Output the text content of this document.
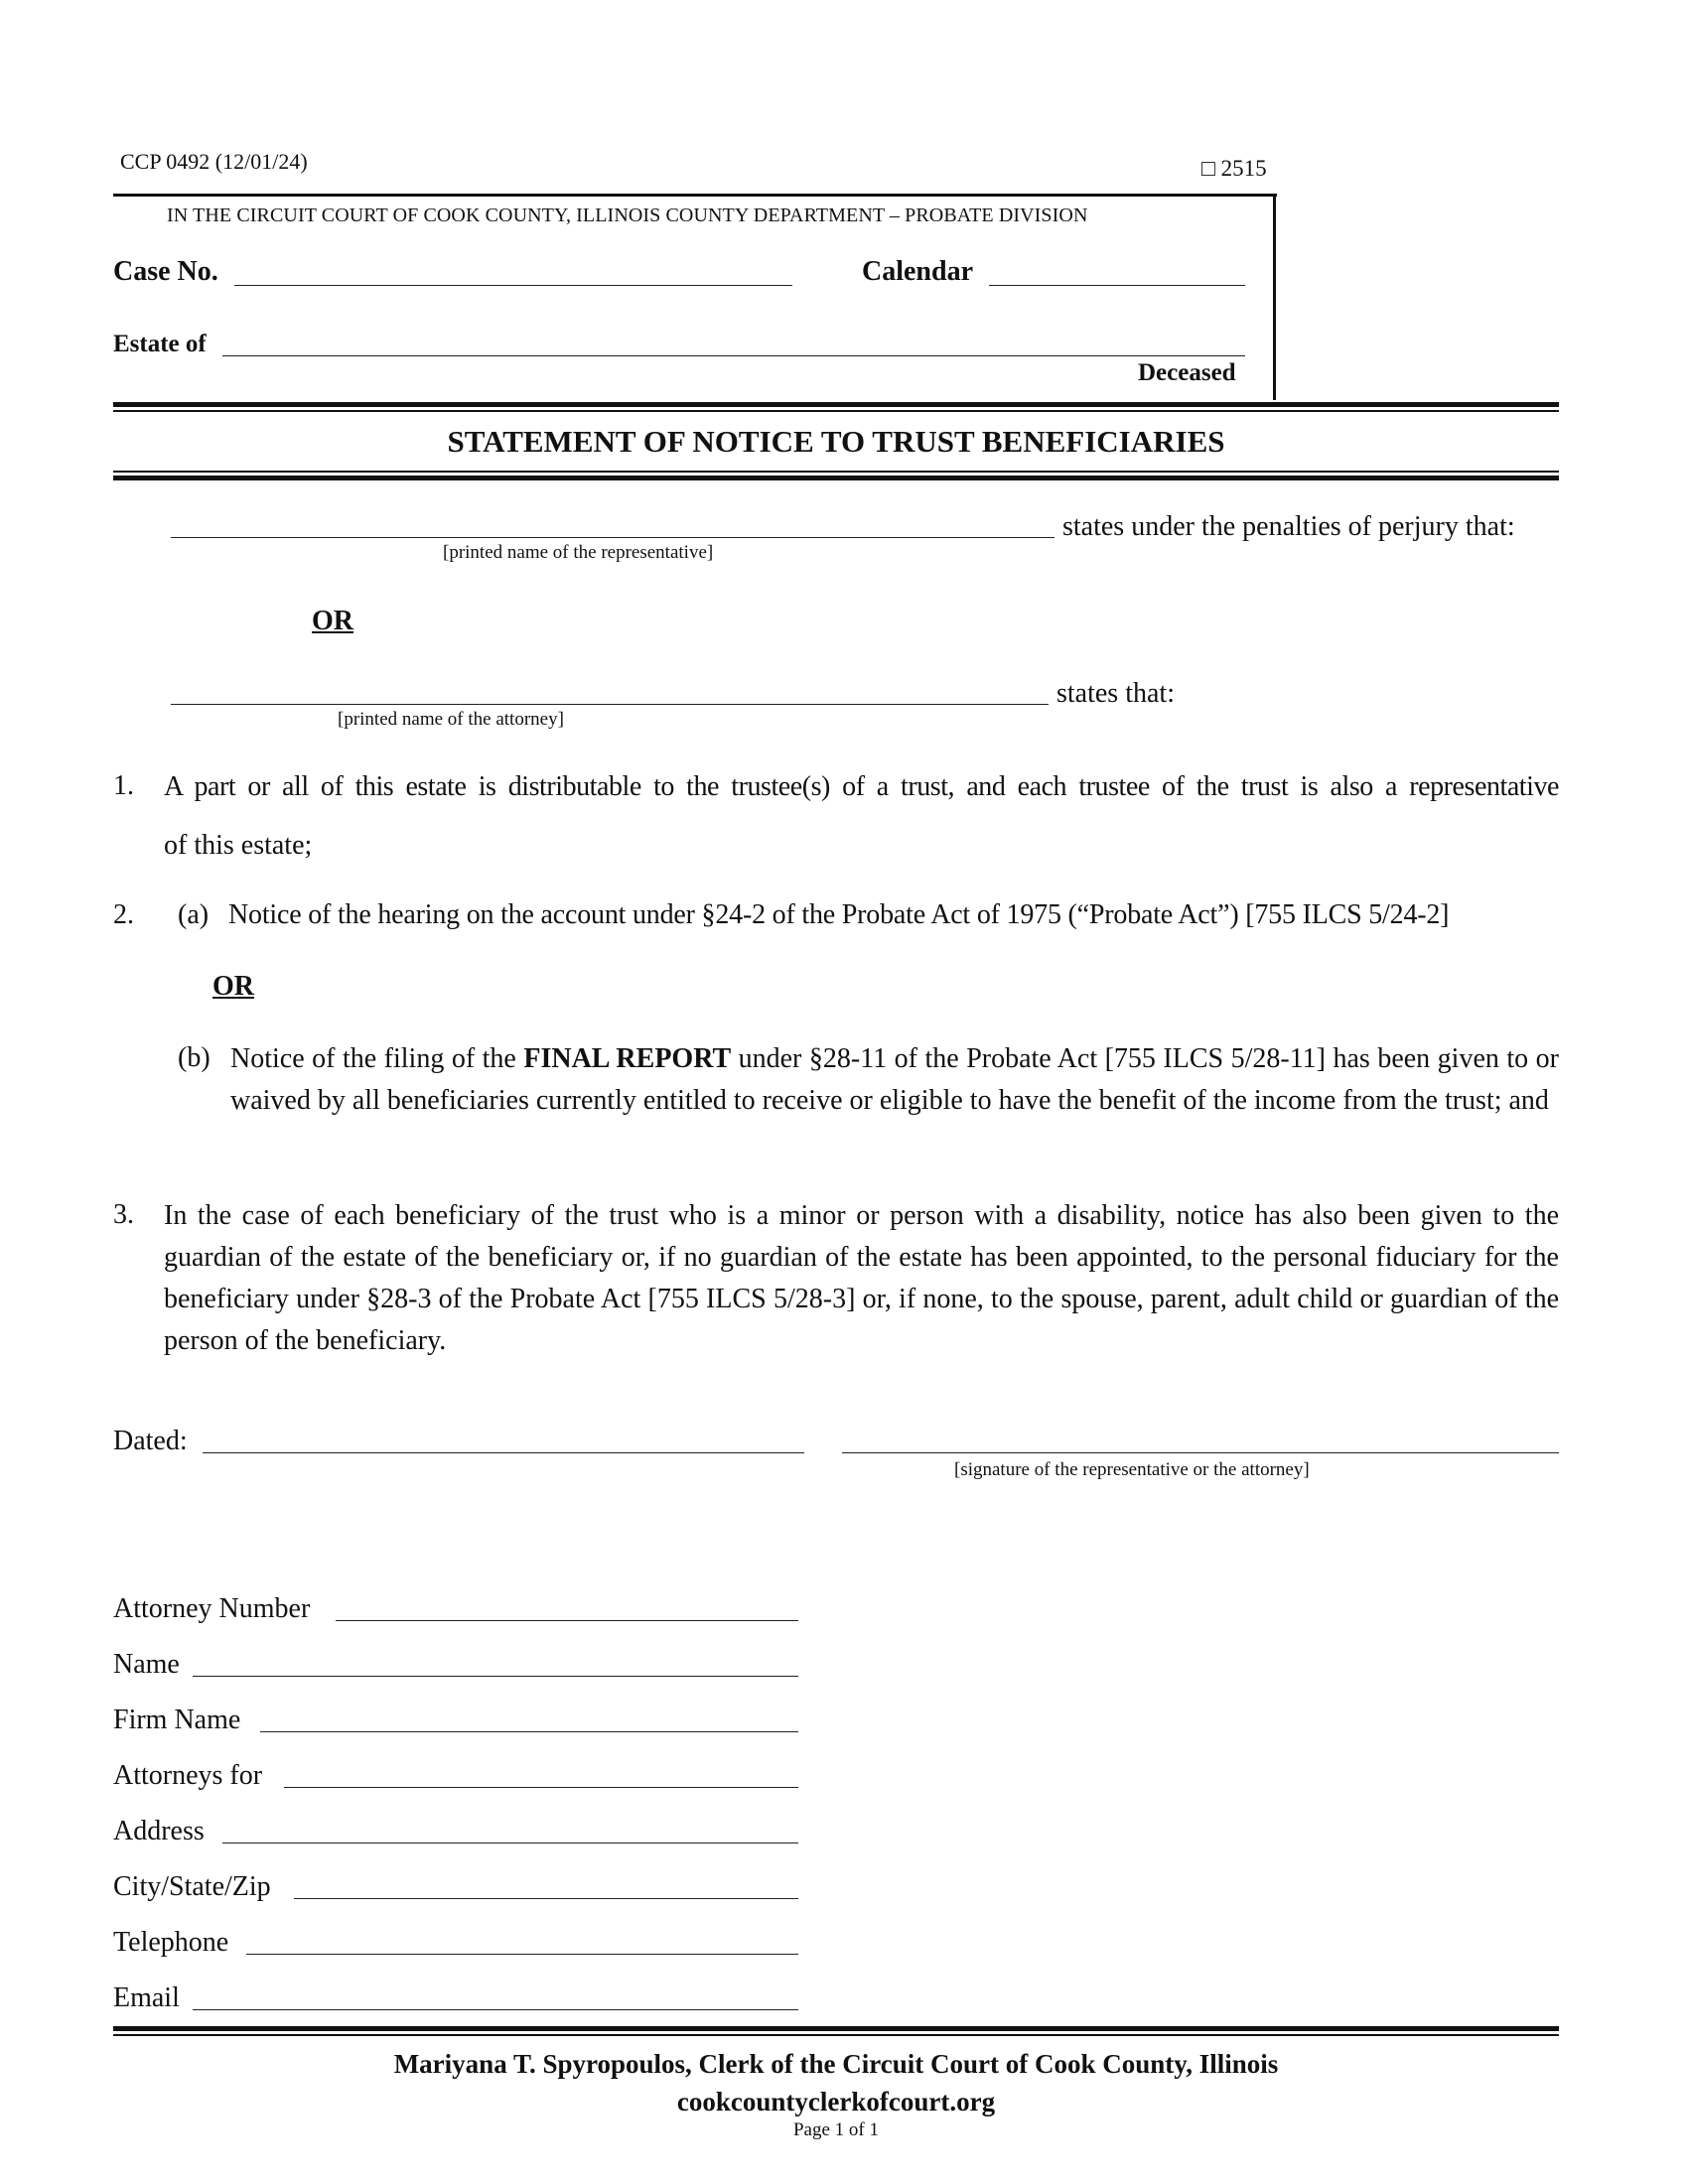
CCP 0492 (12/01/24)	□ 2515
IN THE CIRCUIT COURT OF COOK COUNTY, ILLINOIS COUNTY DEPARTMENT – PROBATE DIVISION
Case No.	Calendar
Estate of
Deceased
STATEMENT OF NOTICE TO TRUST BENEFICIARIES
states under the penalties of perjury that:
[printed name of the representative]
OR
states that:
[printed name of the attorney]
1. A part or all of this estate is distributable to the trustee(s) of a trust, and each trustee of the trust is also a representative
of this estate;
2. (a) Notice of the hearing on the account under §24-2 of the Probate Act of 1975 (“Probate Act”) [755 ILCS 5/24-2]
OR
(b) Notice of the filing of the FINAL REPORT under §28-11 of the Probate Act [755 ILCS 5/28-11] has been given to or waived by all beneficiaries currently entitled to receive or eligible to have the benefit of the income from the trust; and
3. In the case of each beneficiary of the trust who is a minor or person with a disability, notice has also been given to the guardian of the estate of the beneficiary or, if no guardian of the estate has been appointed, to the personal fiduciary for the beneficiary under §28-3 of the Probate Act [755 ILCS 5/28-3] or, if none, to the spouse, parent, adult child or guardian of the person of the beneficiary.
Dated:
[signature of the representative or the attorney]
Attorney Number
Name
Firm Name
Attorneys for
Address
City/State/Zip
Telephone
Email
Mariyana T. Spyropoulos, Clerk of the Circuit Court of Cook County, Illinois
cookcountyclerkofcourt.org
Page 1 of 1
